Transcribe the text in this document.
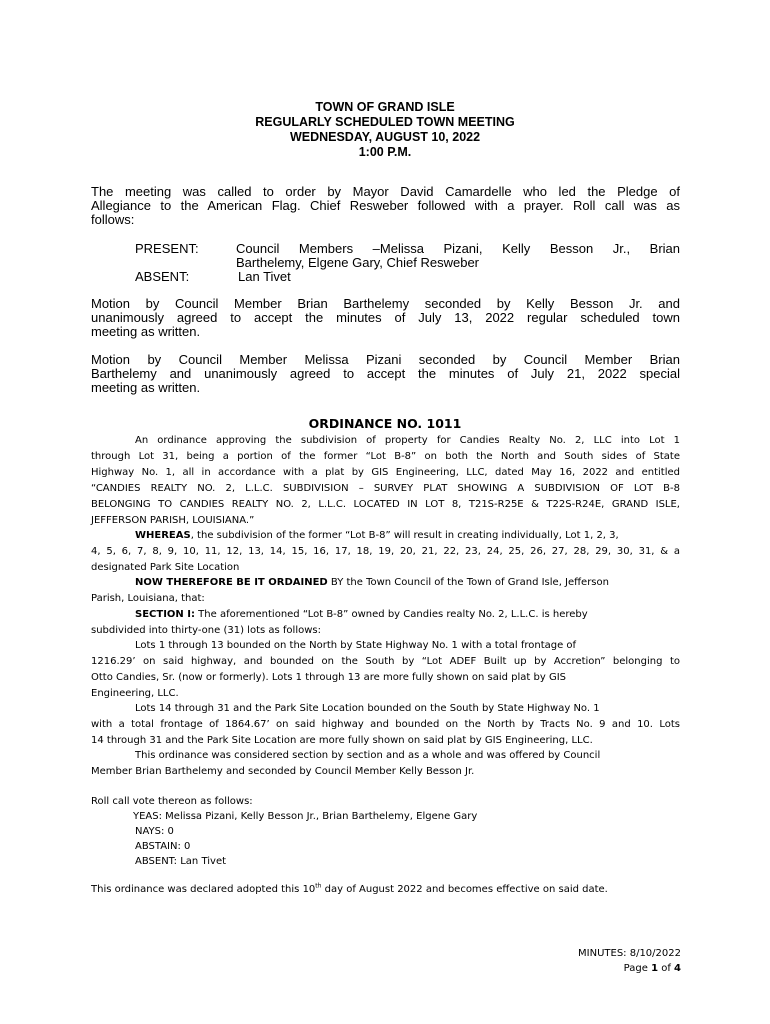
TOWN OF GRAND ISLE
REGULARLY SCHEDULED TOWN MEETING
WEDNESDAY, AUGUST 10, 2022
1:00 P.M.
The meeting was called to order by Mayor David Camardelle who led the Pledge of
Allegiance to the American Flag. Chief Resweber followed with a prayer. Roll call was as
follows:
PRESENT:	Council Members –Melissa Pizani, Kelly Besson Jr., Brian
Barthelemy, Elgene Gary, Chief Resweber
ABSENT:	Lan Tivet
Motion by Council Member Brian Barthelemy seconded by Kelly Besson Jr. and
unanimously agreed to accept the minutes of July 13, 2022 regular scheduled town
meeting as written.
Motion by Council Member Melissa Pizani seconded by Council Member Brian
Barthelemy and unanimously agreed to accept the minutes of July 21, 2022 special
meeting as written.
ORDINANCE NO. 1011
An ordinance approving the subdivision of property for Candies Realty No. 2, LLC into Lot 1
through Lot 31, being a portion of the former “Lot B-8” on both the North and South sides of State
Highway No. 1, all in accordance with a plat by GIS Engineering, LLC, dated May 16, 2022 and entitled
“CANDIES REALTY NO. 2, L.L.C. SUBDIVISION – SURVEY PLAT SHOWING A SUBDIVISION OF LOT B-8
BELONGING TO CANDIES REALTY NO. 2, L.L.C. LOCATED IN LOT 8, T21S-R25E & T22S-R24E, GRAND ISLE,
JEFFERSON PARISH, LOUISIANA.”
WHEREAS, the subdivision of the former “Lot B-8” will result in creating individually, Lot 1, 2, 3,
4, 5, 6, 7, 8, 9, 10, 11, 12, 13, 14, 15, 16, 17, 18, 19, 20, 21, 22, 23, 24, 25, 26, 27, 28, 29, 30, 31, & a
designated Park Site Location
NOW THEREFORE BE IT ORDAINED BY the Town Council of the Town of Grand Isle, Jefferson
Parish, Louisiana, that:
SECTION I: The aforementioned “Lot B-8” owned by Candies realty No. 2, L.L.C. is hereby
subdivided into thirty-one (31) lots as follows:
Lots 1 through 13 bounded on the North by State Highway No. 1 with a total frontage of
1216.29’ on said highway, and bounded on the South by “Lot ADEF Built up by Accretion” belonging to
Otto Candies, Sr. (now or formerly). Lots 1 through 13 are more fully shown on said plat by GIS
Engineering, LLC.
Lots 14 through 31 and the Park Site Location bounded on the South by State Highway No. 1
with a total frontage of 1864.67’ on said highway and bounded on the North by Tracts No. 9 and 10. Lots
14 through 31 and the Park Site Location are more fully shown on said plat by GIS Engineering, LLC.
This ordinance was considered section by section and as a whole and was offered by Council
Member Brian Barthelemy and seconded by Council Member Kelly Besson Jr.
Roll call vote thereon as follows:
YEAS: Melissa Pizani, Kelly Besson Jr., Brian Barthelemy, Elgene Gary
NAYS: 0
ABSTAIN: 0
ABSENT: Lan Tivet
This ordinance was declared adopted this 10th day of August 2022 and becomes effective on said date.
MINUTES: 8/10/2022
Page 1 of 4
